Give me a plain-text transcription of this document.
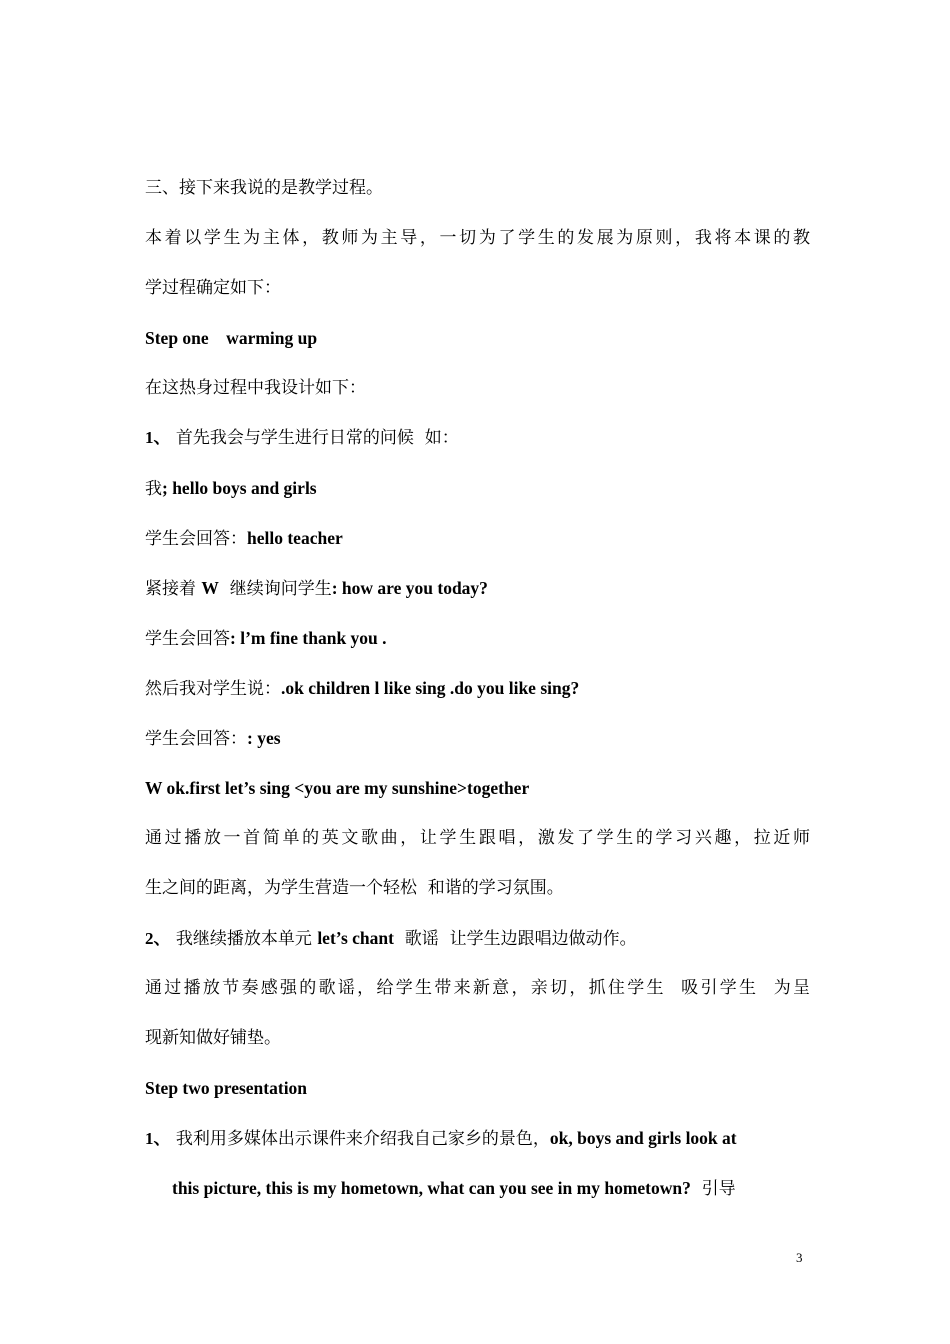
三、接下来我说的是教学过程。
本着以学生为主体，教师为主导，一切为了学生的发展为原则，我将本课的教
学过程确定如下：
Step one    warming up
在这热身过程中我设计如下：
1、 首先我会与学生进行日常的问候  如：
我; hello boys and girls
学生会回答：hello teacher
紧接着 W  继续询问学生: how are you today?
学生会回答: l’m fine thank you .
然后我对学生说：.ok children l like sing .do you like sing?
学生会回答：: yes
W ok.first let’s sing <you are my sunshine>together
通过播放一首简单的英文歌曲，让学生跟唱，激发了学生的学习兴趣，拉近师
生之间的距离，为学生营造一个轻松  和谐的学习氛围。
2、 我继续播放本单元 let’s chant  歌谣  让学生边跟唱边做动作。
通过播放节奏感强的歌谣，给学生带来新意，亲切，抓住学生  吸引学生  为呈
现新知做好铺垫。
Step two presentation
1、 我利用多媒体出示课件来介绍我自己家乡的景色，ok, boys and girls look at
this picture, this is my hometown, what can you see in my hometown?  引导
3
